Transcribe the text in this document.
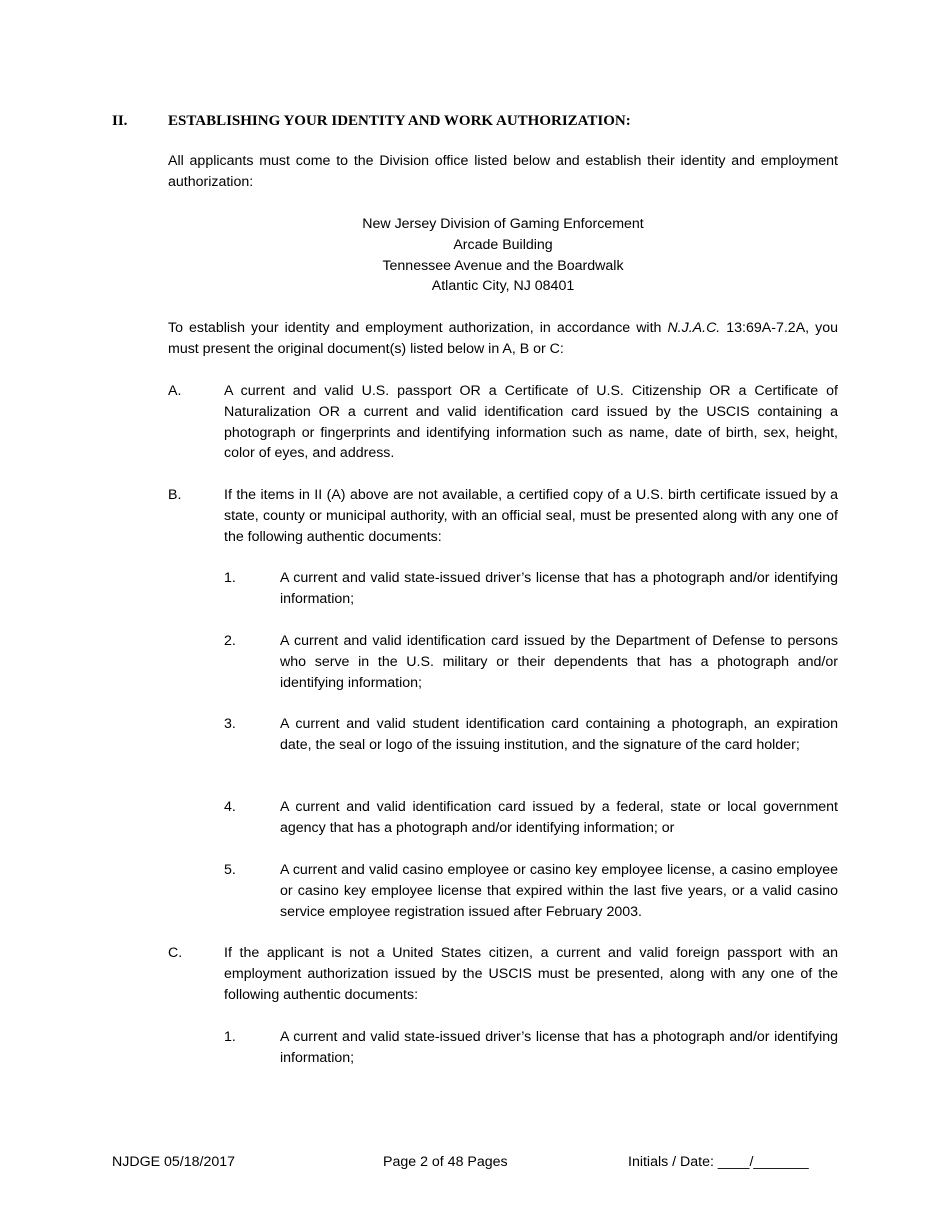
II.	ESTABLISHING YOUR IDENTITY AND WORK AUTHORIZATION:
All applicants must come to the Division office listed below and establish their identity and employment authorization:
New Jersey Division of Gaming Enforcement
Arcade Building
Tennessee Avenue and the Boardwalk
Atlantic City, NJ 08401
To establish your identity and employment authorization, in accordance with N.J.A.C. 13:69A-7.2A, you must present the original document(s) listed below in A, B or C:
A.	A current and valid U.S. passport OR a Certificate of U.S. Citizenship OR a Certificate of Naturalization OR a current and valid identification card issued by the USCIS containing a photograph or fingerprints and identifying information such as name, date of birth, sex, height, color of eyes, and address.
B.	If the items in II (A) above are not available, a certified copy of a U.S. birth certificate issued by a state, county or municipal authority, with an official seal, must be presented along with any one of the following authentic documents:
1.	A current and valid state-issued driver’s license that has a photograph and/or identifying information;
2.	A current and valid identification card issued by the Department of Defense to persons who serve in the U.S. military or their dependents that has a photograph and/or identifying information;
3.	A current and valid student identification card containing a photograph, an expiration date, the seal or logo of the issuing institution, and the signature of the card holder;
4.	A current and valid identification card issued by a federal, state or local government agency that has a photograph and/or identifying information; or
5.	A current and valid casino employee or casino key employee license, a casino employee or casino key employee license that expired within the last five years, or a valid casino service employee registration issued after February 2003.
C.	If the applicant is not a United States citizen, a current and valid foreign passport with an employment authorization issued by the USCIS must be presented, along with any one of the following authentic documents:
1.	A current and valid state-issued driver’s license that has a photograph and/or identifying information;
NJDGE 05/18/2017	Page 2 of 48 Pages	Initials / Date: ____/_______
